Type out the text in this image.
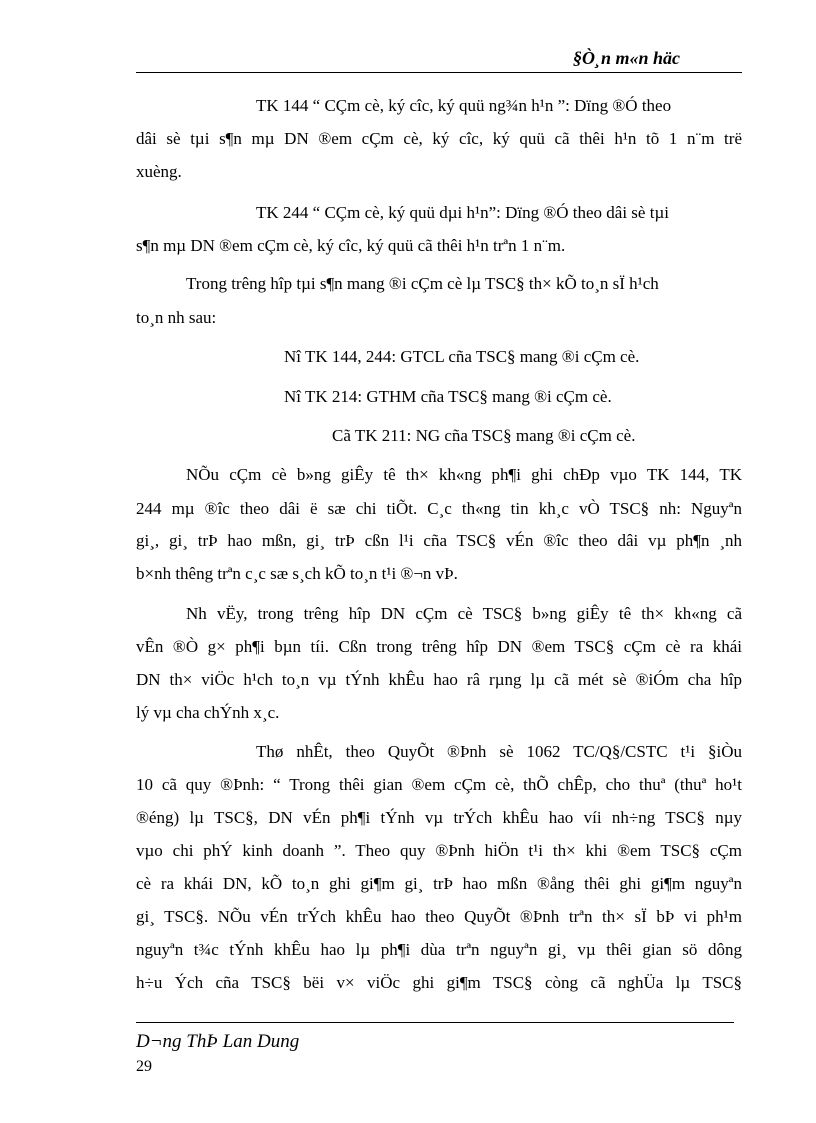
§Ò¸n m«n häc
TK 144 “ CÇm cè, ký cîc, ký quü ng¾n h¹n ”: Dïng ®Ó theo
dâi sè tµi s¶n mµ DN ®em cÇm cè, ký cîc, ký quü cã thêi h¹n tõ 1 n¨m trë
xuèng.
TK 244 “ CÇm cè, ký quü dµi h¹n”: Dïng ®Ó theo dâi sè tµi
s¶n mµ DN ®em cÇm cè, ký cîc, ký quü cã thêi h¹n trªn 1 n¨m.
Trong trêng hîp tµi s¶n mang ®i cÇm cè lµ TSC§ th× kÕ to¸n sÏ h¹ch
to¸n nh sau:
Nî TK 144, 244: GTCL cña TSC§ mang ®i cÇm cè.
Nî TK 214: GTHM cña TSC§ mang ®i cÇm cè.
Cã TK 211: NG cña TSC§ mang ®i cÇm cè.
NÕu cÇm cè b»ng giÊy tê th× kh«ng ph¶i ghi chÐp vµo TK 144, TK
244 mµ ®îc theo dâi ë sæ chi tiÕt. C¸c th«ng tin kh¸c vÒ TSC§ nh: Nguyªn
gi¸, gi¸ trÞ hao mßn, gi¸ trÞ cßn l¹i cña TSC§ vÉn ®îc theo dâi vµ ph¶n ¸nh
b×nh thêng trªn c¸c sæ s¸ch kÕ to¸n t¹i ®¬n vÞ.
Nh vËy, trong trêng hîp DN cÇm cè TSC§ b»ng giÊy tê th× kh«ng cã
vÊn ®Ò g× ph¶i bµn tíi. Cßn trong trêng hîp DN ®em TSC§ cÇm cè ra khái
DN th× viÖc h¹ch to¸n vµ tÝnh khÊu hao râ rµng lµ cã mét sè ®iÓm cha hîp
lý vµ cha chÝnh x¸c.
Thø nhÊt, theo QuyÕt ®Þnh sè 1062 TC/Q§/CSTC t¹i §iÒu
10 cã quy ®Þnh: “ Trong thêi gian ®em cÇm cè, thÕ chÊp, cho thuª (thuª ho¹t
®éng) lµ TSC§, DN vÉn ph¶i tÝnh vµ trÝch khÊu hao víi nh÷ng TSC§ nµy
vµo chi phÝ kinh doanh ”. Theo quy ®Þnh hiÖn t¹i th× khi ®em TSC§ cÇm
cè ra khái DN, kÕ to¸n ghi gi¶m gi¸ trÞ hao mßn ®ång thêi ghi gi¶m nguyªn
gi¸ TSC§. NÕu vÉn trÝch khÊu hao theo QuyÕt ®Þnh trªn th× sÏ bÞ vi ph¹m
nguyªn t¾c tÝnh khÊu hao lµ ph¶i dùa trªn nguyªn gi¸ vµ thêi gian sö dông
h÷u Ých cña TSC§ bëi v× viÖc ghi gi¶m TSC§ còng cã nghÜa lµ TSC§
D¬ng ThÞ Lan Dung
29
